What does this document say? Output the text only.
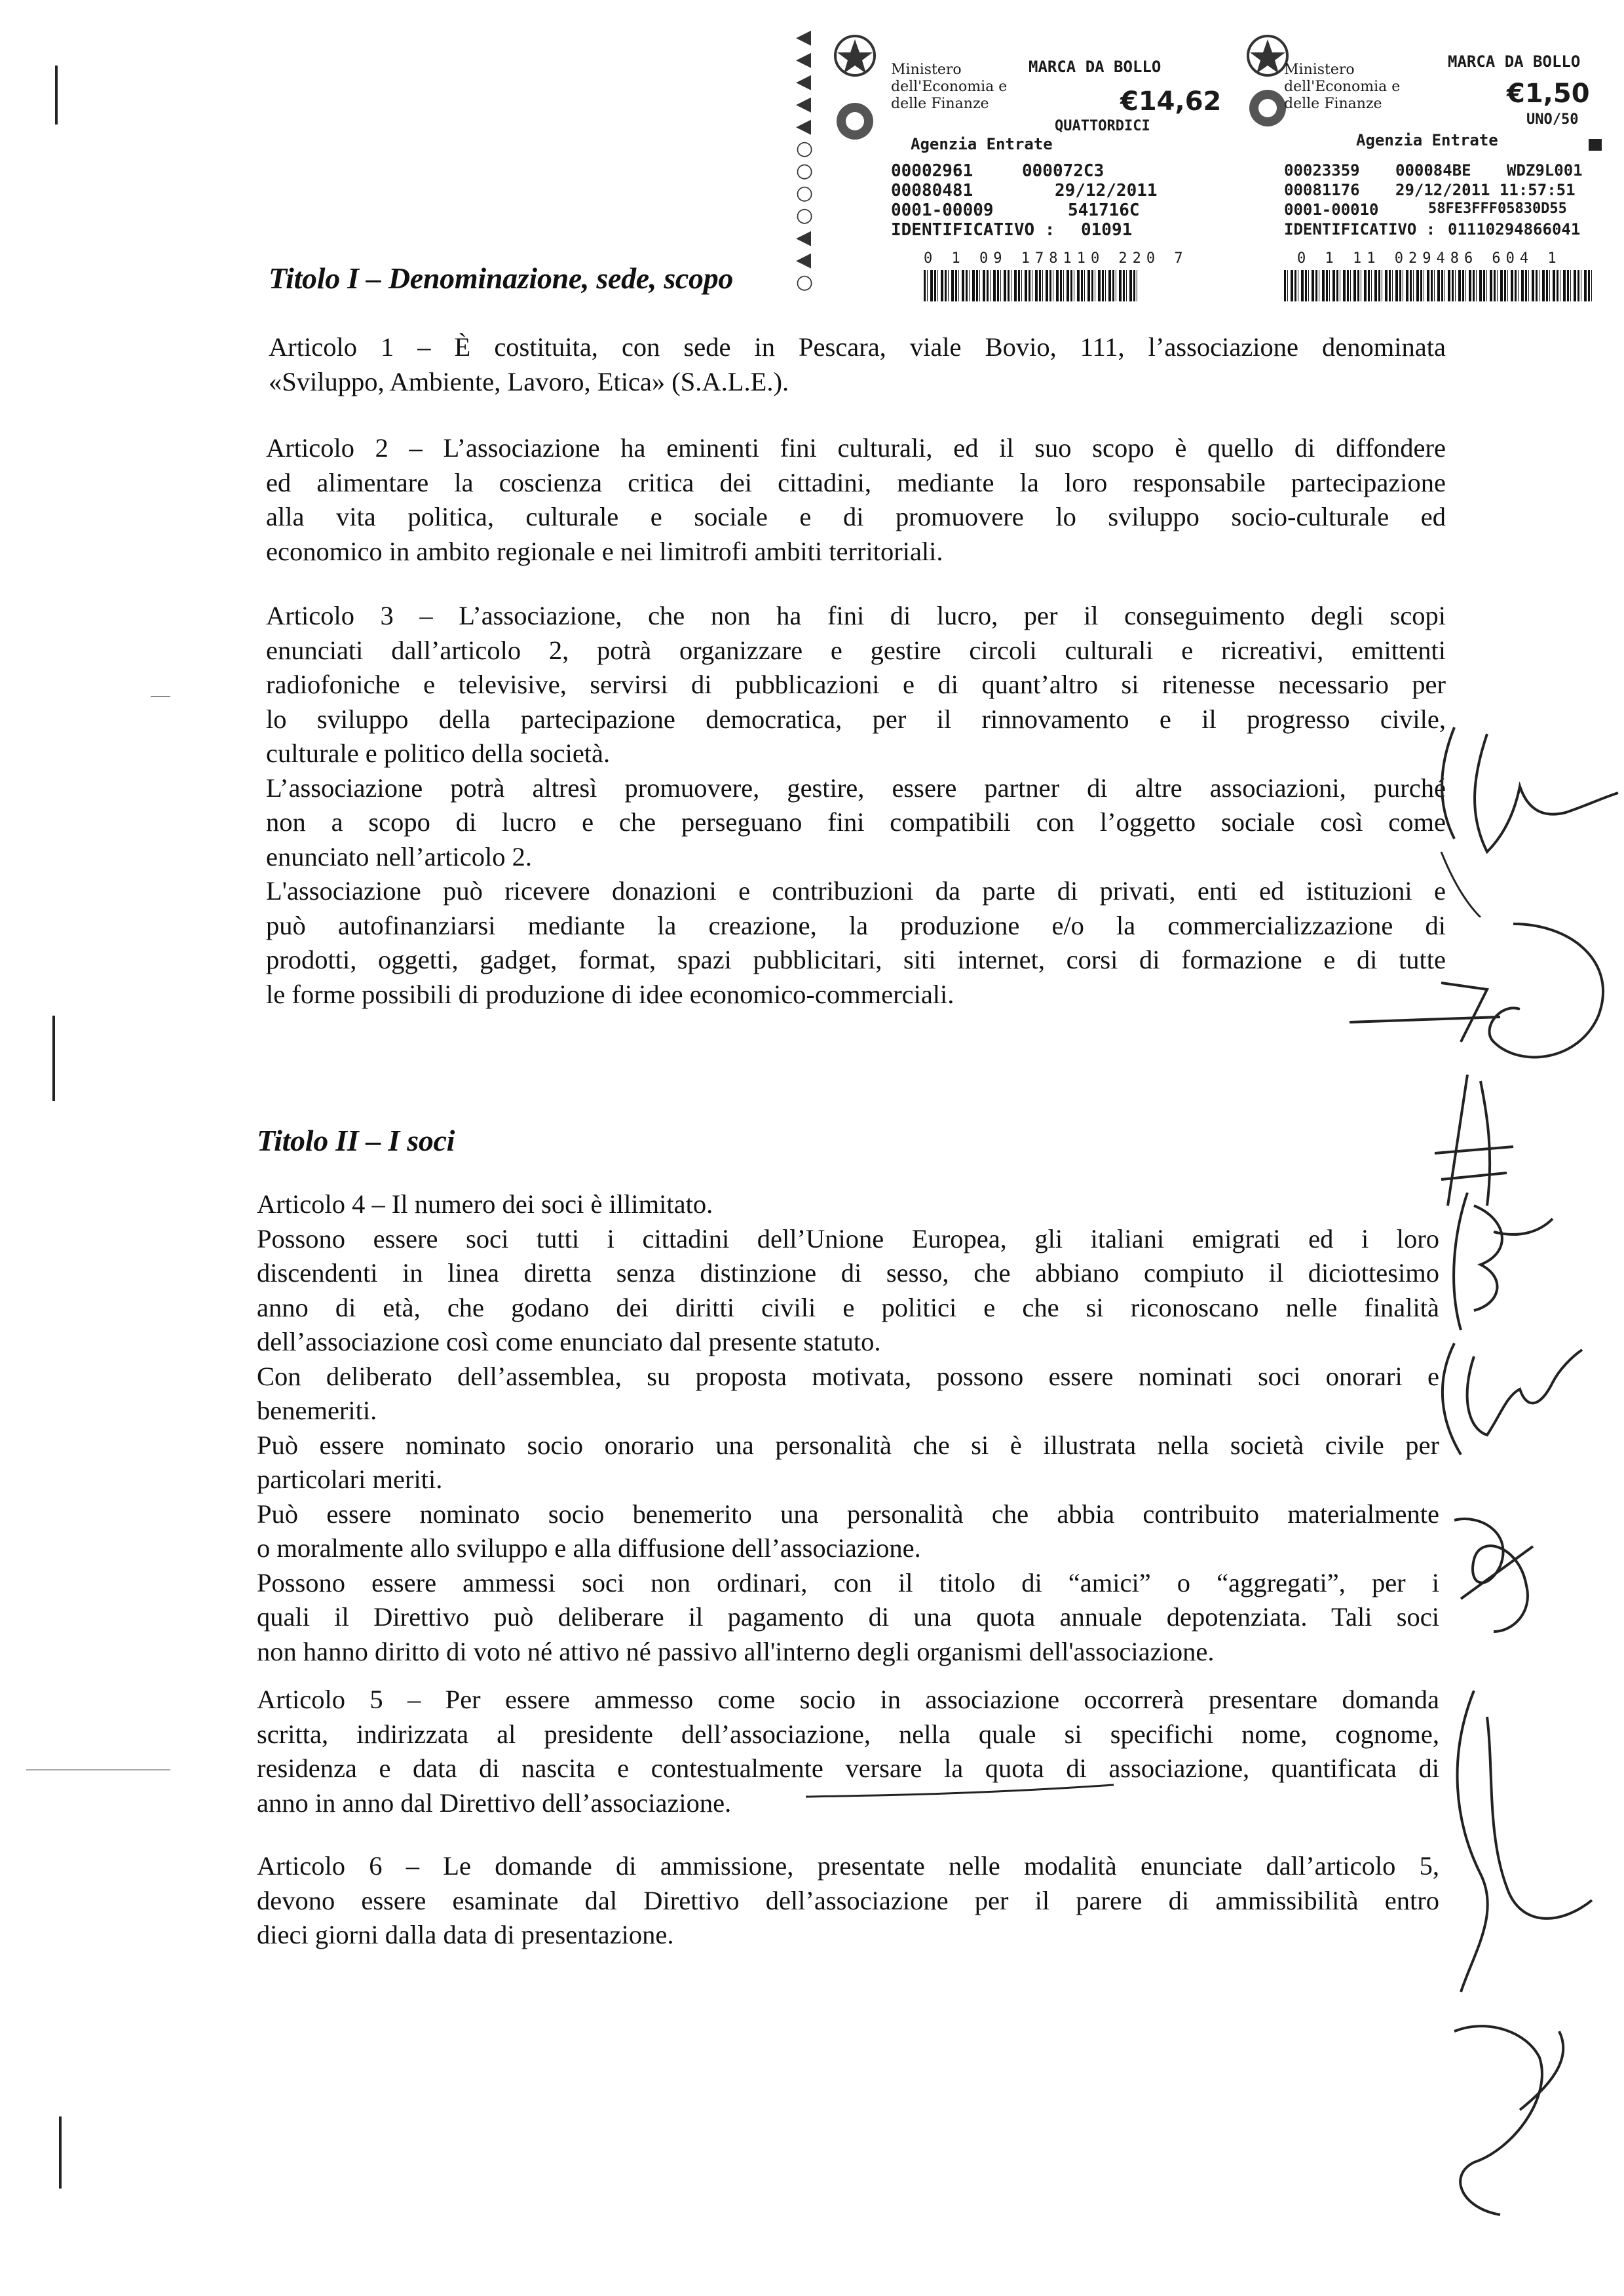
Ministero dell'Economia e delle Finanze
MARCA DA BOLLO
€14,62
QUATTORDICI
Agenzia Entrate
00002961	000072C3
00080481	29/12/2011
0001-00009	541716C
IDENTIFICATIVO : 01091
0 1 09 178110 220 7
◀
◀
◀
◀
◀
○
○
○
○
◀
◀
○
Ministero dell'Economia e delle Finanze
MARCA DA BOLLO
€1,50
UNO/50
Agenzia Entrate
00023359 000084BE WDZ9L001
00081176 29/12/2011 11:57:51
0001-00010	58FE3FFF05830D55
IDENTIFICATIVO : 01110294866041
0 1 11 029486 604 1
Titolo I – Denominazione, sede, scopo

Articolo 1 – È costituita, con sede in Pescara, viale Bovio, 111, l’associazione denominata
«Sviluppo, Ambiente, Lavoro, Etica» (S.A.L.E.).

Articolo 2 – L’associazione ha eminenti fini culturali, ed il suo scopo è quello di diffondere
ed alimentare la coscienza critica dei cittadini, mediante la loro responsabile partecipazione
alla vita politica, culturale e sociale e di promuovere lo sviluppo socio-culturale ed
economico in ambito regionale e nei limitrofi ambiti territoriali.

Articolo 3 – L’associazione, che non ha fini di lucro, per il conseguimento degli scopi
enunciati dall’articolo 2, potrà organizzare e gestire circoli culturali e ricreativi, emittenti
radiofoniche e televisive, servirsi di pubblicazioni e di quant’altro si ritenesse necessario per
lo sviluppo della partecipazione democratica, per il rinnovamento e il progresso civile,
culturale e politico della società.
L’associazione potrà altresì promuovere, gestire, essere partner di altre associazioni, purché
non a scopo di lucro e che perseguano fini compatibili con l’oggetto sociale così come
enunciato nell’articolo 2.
L'associazione può ricevere donazioni e contribuzioni da parte di privati, enti ed istituzioni e
può autofinanziarsi mediante la creazione, la produzione e/o la commercializzazione di
prodotti, oggetti, gadget, format, spazi pubblicitari, siti internet, corsi di formazione e di tutte
le forme possibili di produzione di idee economico-commerciali.

Titolo II – I soci

Articolo 4 – Il numero dei soci è illimitato.
Possono essere soci tutti i cittadini dell’Unione Europea, gli italiani emigrati ed i loro
discendenti in linea diretta senza distinzione di sesso, che abbiano compiuto il diciottesimo
anno di età, che godano dei diritti civili e politici e che si riconoscano nelle finalità
dell’associazione così come enunciato dal presente statuto.
Con deliberato dell’assemblea, su proposta motivata, possono essere nominati soci onorari e
benemeriti.
Può essere nominato socio onorario una personalità che si è illustrata nella società civile per
particolari meriti.
Può essere nominato socio benemerito una personalità che abbia contribuito materialmente
o moralmente allo sviluppo e alla diffusione dell’associazione.
Possono essere ammessi soci non ordinari, con il titolo di “amici” o “aggregati”, per i
quali il Direttivo può deliberare il pagamento di una quota annuale depotenziata. Tali soci
non hanno diritto di voto né attivo né passivo all'interno degli organismi dell'associazione.

Articolo 5 – Per essere ammesso come socio in associazione occorrerà presentare domanda
scritta, indirizzata al presidente dell’associazione, nella quale si specifichi nome, cognome,
residenza e data di nascita e contestualmente versare la quota di associazione, quantificata di
anno in anno dal Direttivo dell’associazione.

Articolo 6 – Le domande di ammissione, presentate nelle modalità enunciate dall’articolo 5,
devono essere esaminate dal Direttivo dell’associazione per il parere di ammissibilità entro
dieci giorni dalla data di presentazione.
